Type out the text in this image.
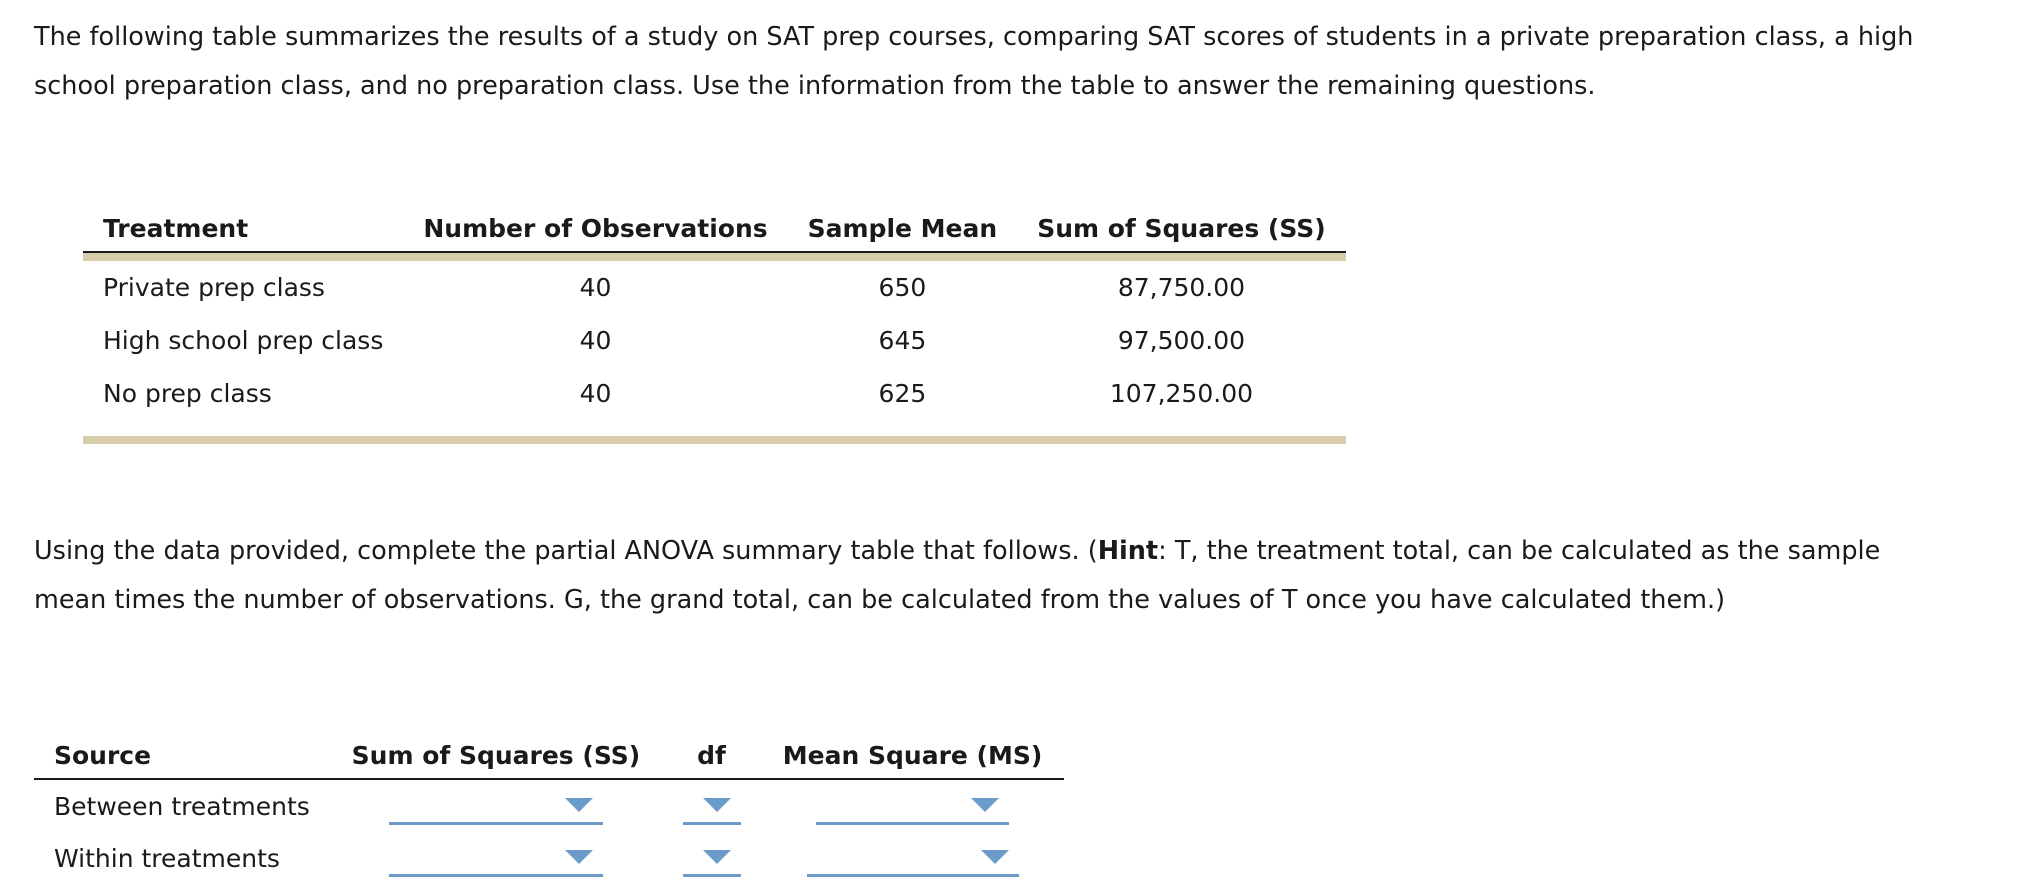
The following table summarizes the results of a study on SAT prep courses, comparing SAT scores of students in a private preparation class, a high school preparation class, and no preparation class. Use the information from the table to answer the remaining questions.

Treatment	Number of Observations	Sample Mean	Sum of Squares (SS)
Private prep class	40	650	87,750.00
High school prep class	40	645	97,500.00
No prep class	40	625	107,250.00

Using the data provided, complete the partial ANOVA summary table that follows. (Hint: T, the treatment total, can be calculated as the sample mean times the number of observations. G, the grand total, can be calculated from the values of T once you have calculated them.)
Source	Sum of Squares (SS)	df	Mean Square (MS)
Between treatments	

Within treatments	
